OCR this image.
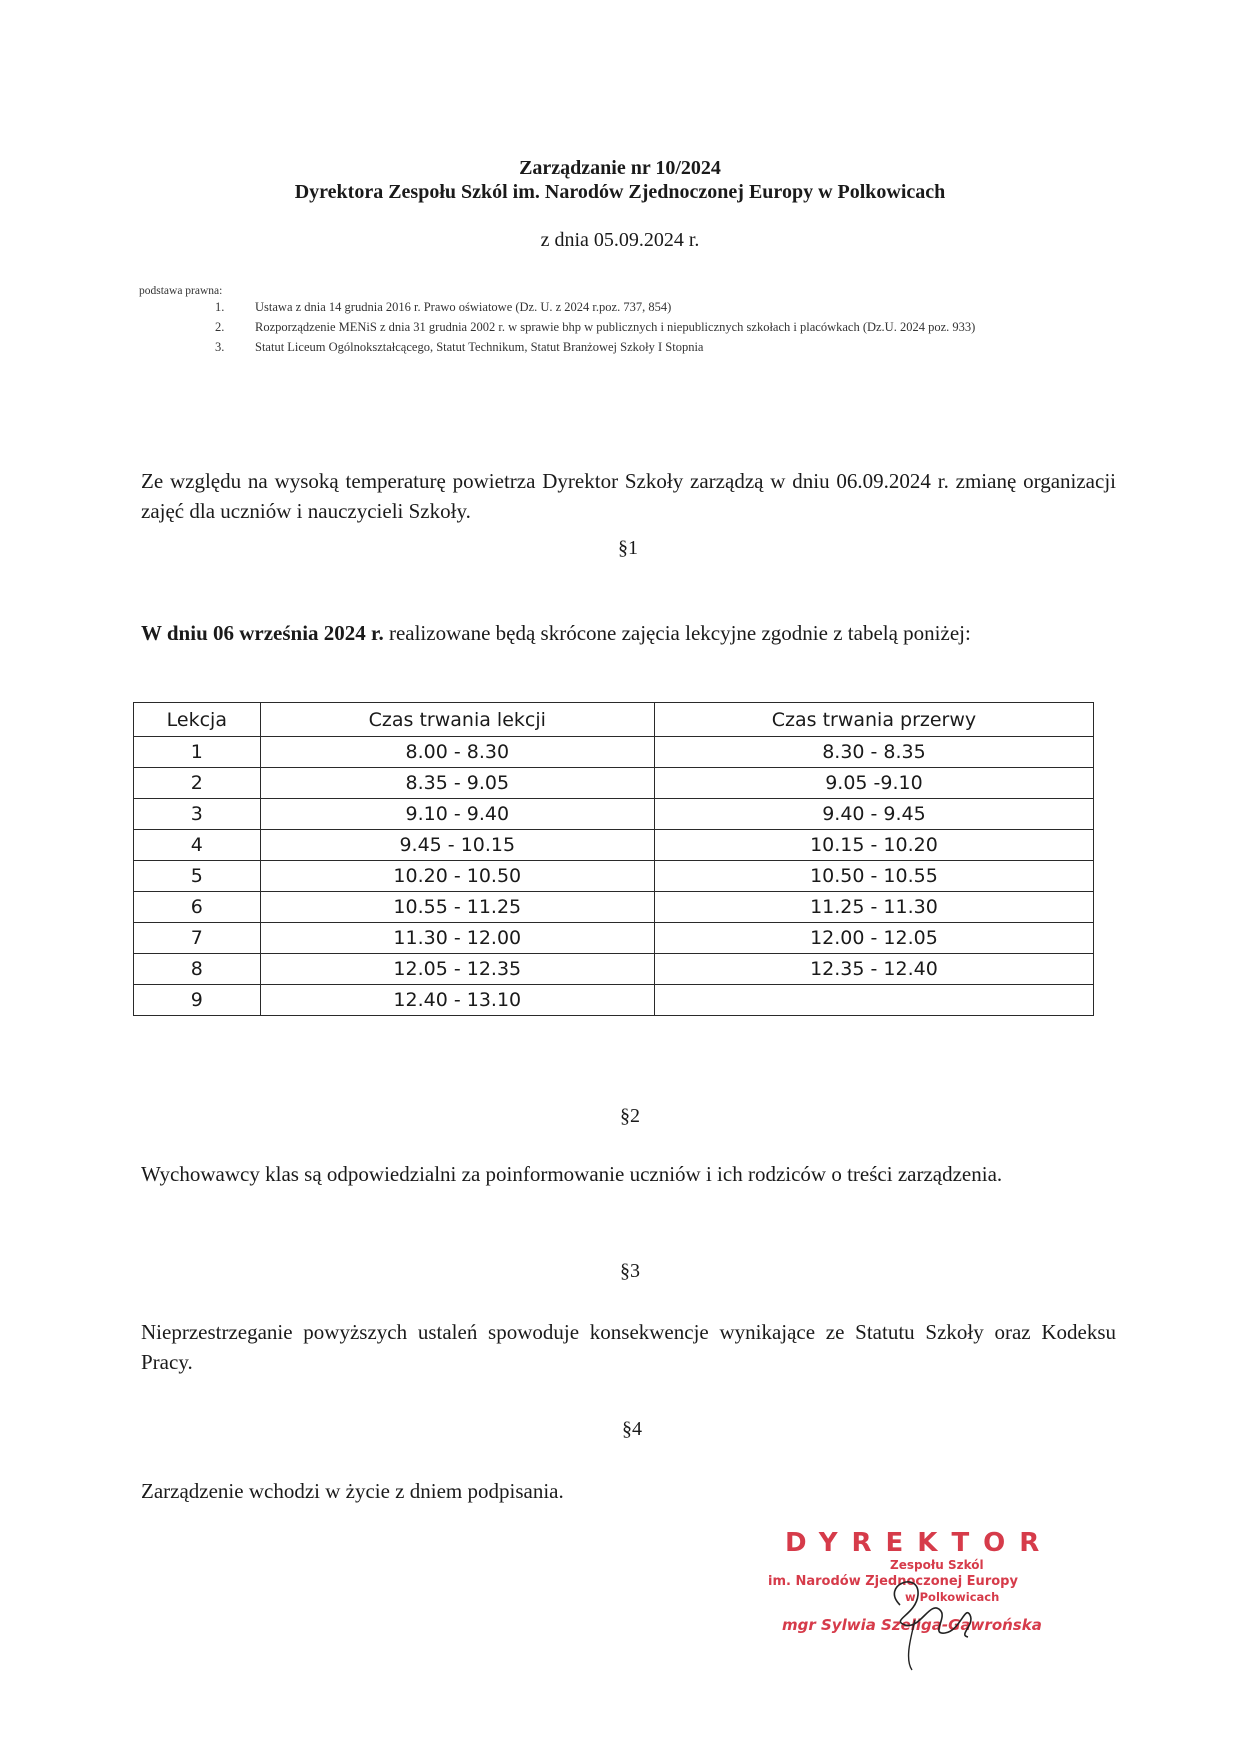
Zarządzanie nr 10/2024
Dyrektora Zespołu Szkól im. Narodów Zjednoczonej Europy w Polkowicach
z dnia 05.09.2024 r.
podstawa prawna:
1. Ustawa z dnia 14 grudnia 2016 r. Prawo oświatowe (Dz. U. z 2024 r.poz. 737, 854)
2. Rozporządzenie MENiS z dnia 31 grudnia 2002 r. w sprawie bhp w publicznych i niepublicznych szkołach i placówkach (Dz.U. 2024 poz. 933)
3. Statut Liceum Ogólnokształcącego, Statut Technikum, Statut Branżowej Szkoły I Stopnia
Ze względu na wysoką temperaturę powietrza Dyrektor Szkoły zarządzą w dniu 06.09.2024 r. zmianę organizacji zajęć dla uczniów i nauczycieli Szkoły.
§1
W dniu 06 września 2024 r. realizowane będą skrócone zajęcia lekcyjne zgodnie z tabelą poniżej:
Lekcja	Czas trwania lekcji	Czas trwania przerwy
1	8.00 - 8.30	8.30 - 8.35
2	8.35 - 9.05	9.05 -9.10
3	9.10 - 9.40	9.40 - 9.45
4	9.45 - 10.15	10.15 - 10.20
5	10.20 - 10.50	10.50 - 10.55
6	10.55 - 11.25	11.25 - 11.30
7	11.30 - 12.00	12.00 - 12.05
8	12.05 - 12.35	12.35 - 12.40
9	12.40 - 13.10	
§2
Wychowawcy klas są odpowiedzialni za poinformowanie uczniów i ich rodziców o treści zarządzenia.
§3
Nieprzestrzeganie powyższych ustaleń spowoduje konsekwencje wynikające ze Statutu Szkoły oraz Kodeksu Pracy.
§4
Zarządzenie wchodzi w życie z dniem podpisania.
DYREKTOR
Zespołu Szkól
im. Narodów Zjednoczonej Europy
w Polkowicach
mgr Sylwia Szeliga-Gawrońska
